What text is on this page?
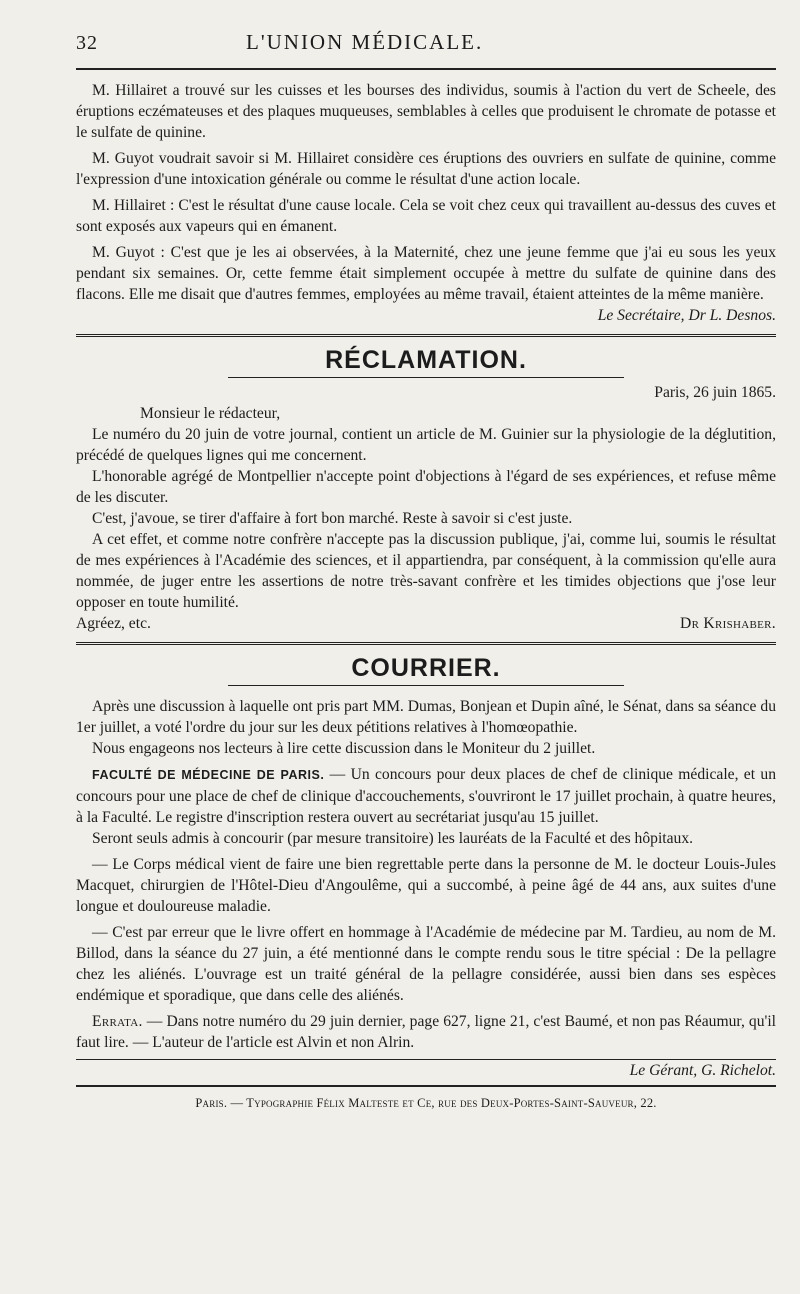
32	L'UNION MÉDICALE.

M. Hillairet a trouvé sur les cuisses et les bourses des individus, soumis à l'action du vert de Scheele, des éruptions eczémateuses et des plaques muqueuses, semblables à celles que produisent le chromate de potasse et le sulfate de quinine.

M. Guyot voudrait savoir si M. Hillairet considère ces éruptions des ouvriers en sulfate de quinine, comme l'expression d'une intoxication générale ou comme le résultat d'une action locale.

M. Hillairet : C'est le résultat d'une cause locale. Cela se voit chez ceux qui travaillent au-dessus des cuves et sont exposés aux vapeurs qui en émanent.

M. Guyot : C'est que je les ai observées, à la Maternité, chez une jeune femme que j'ai eu sous les yeux pendant six semaines. Or, cette femme était simplement occupée à mettre du sulfate de quinine dans des flacons. Elle me disait que d'autres femmes, employées au même travail, étaient atteintes de la même manière.

Le Secrétaire, Dr L. Desnos.

RÉCLAMATION.

Paris, 26 juin 1865.

Monsieur le rédacteur,

Le numéro du 20 juin de votre journal, contient un article de M. Guinier sur la physiologie de la déglutition, précédé de quelques lignes qui me concernent.

L'honorable agrégé de Montpellier n'accepte point d'objections à l'égard de ses expériences, et refuse même de les discuter.

C'est, j'avoue, se tirer d'affaire à fort bon marché. Reste à savoir si c'est juste.

A cet effet, et comme notre confrère n'accepte pas la discussion publique, j'ai, comme lui, soumis le résultat de mes expériences à l'Académie des sciences, et il appartiendra, par conséquent, à la commission qu'elle aura nommée, de juger entre les assertions de notre très-savant confrère et les timides objections que j'ose leur opposer en toute humilité.

Agréez, etc.	Dr Krishaber.

COURRIER.

Après une discussion à laquelle ont pris part MM. Dumas, Bonjean et Dupin aîné, le Sénat, dans sa séance du 1er juillet, a voté l'ordre du jour sur les deux pétitions relatives à l'homœopathie.

Nous engageons nos lecteurs à lire cette discussion dans le Moniteur du 2 juillet.

FACULTÉ DE MÉDECINE DE PARIS. — Un concours pour deux places de chef de clinique médicale, et un concours pour une place de chef de clinique d'accouchements, s'ouvriront le 17 juillet prochain, à quatre heures, à la Faculté. Le registre d'inscription restera ouvert au secrétariat jusqu'au 15 juillet.

Seront seuls admis à concourir (par mesure transitoire) les lauréats de la Faculté et des hôpitaux.

— Le Corps médical vient de faire une bien regrettable perte dans la personne de M. le docteur Louis-Jules Macquet, chirurgien de l'Hôtel-Dieu d'Angoulême, qui a succombé, à peine âgé de 44 ans, aux suites d'une longue et douloureuse maladie.

— C'est par erreur que le livre offert en hommage à l'Académie de médecine par M. Tardieu, au nom de M. Billod, dans la séance du 27 juin, a été mentionné dans le compte rendu sous le titre spécial : De la pellagre chez les aliénés. L'ouvrage est un traité général de la pellagre considérée, aussi bien dans ses espèces endémique et sporadique, que dans celle des aliénés.

Errata. — Dans notre numéro du 29 juin dernier, page 627, ligne 21, c'est Baumé, et non pas Réaumur, qu'il faut lire. — L'auteur de l'article est Alvin et non Alrin.

Le Gérant, G. Richelot.

Paris. — Typographie Félix Malteste et Ce, rue des Deux-Portes-Saint-Sauveur, 22.
